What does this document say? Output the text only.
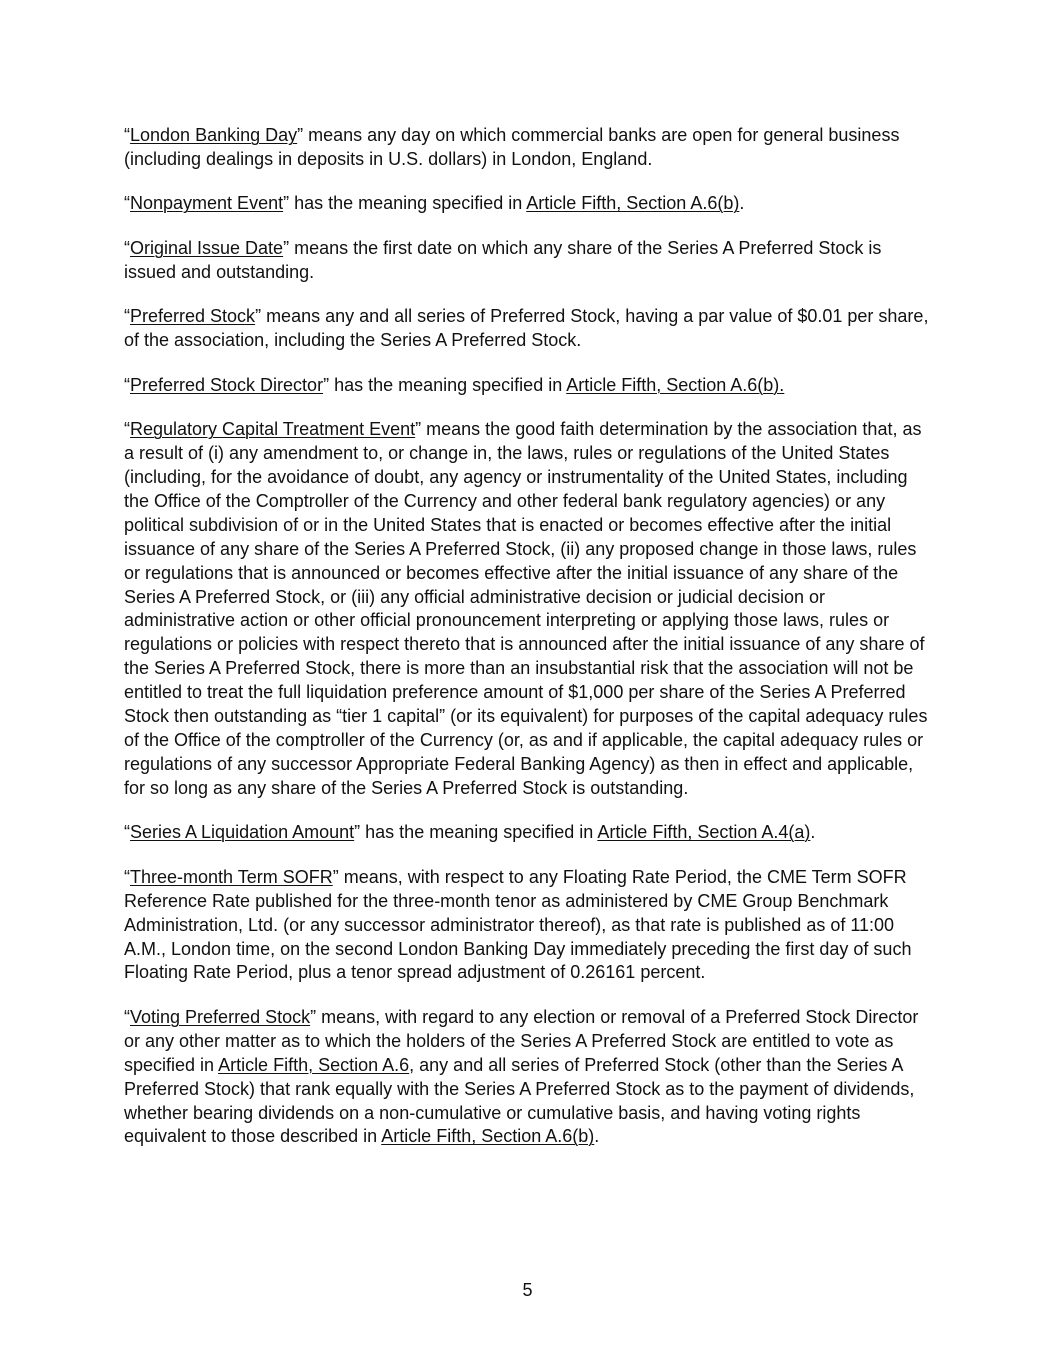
“London Banking Day” means any day on which commercial banks are open for general business (including dealings in deposits in U.S. dollars) in London, England.

“Nonpayment Event” has the meaning specified in Article Fifth, Section A.6(b).

“Original Issue Date” means the first date on which any share of the Series A Preferred Stock is issued and outstanding.

“Preferred Stock” means any and all series of Preferred Stock, having a par value of $0.01 per share, of the association, including the Series A Preferred Stock.

“Preferred Stock Director” has the meaning specified in Article Fifth, Section A.6(b).

“Regulatory Capital Treatment Event” means the good faith determination by the association that, as a result of (i) any amendment to, or change in, the laws, rules or regulations of the United States (including, for the avoidance of doubt, any agency or instrumentality of the United States, including the Office of the Comptroller of the Currency and other federal bank regulatory agencies) or any political subdivision of or in the United States that is enacted or becomes effective after the initial issuance of any share of the Series A Preferred Stock, (ii) any proposed change in those laws, rules or regulations that is announced or becomes effective after the initial issuance of any share of the Series A Preferred Stock, or (iii) any official administrative decision or judicial decision or administrative action or other official pronouncement interpreting or applying those laws, rules or regulations or policies with respect thereto that is announced after the initial issuance of any share of the Series A Preferred Stock, there is more than an insubstantial risk that the association will not be entitled to treat the full liquidation preference amount of $1,000 per share of the Series A Preferred Stock then outstanding as “tier 1 capital” (or its equivalent) for purposes of the capital adequacy rules of the Office of the comptroller of the Currency (or, as and if applicable, the capital adequacy rules or regulations of any successor Appropriate Federal Banking Agency) as then in effect and applicable, for so long as any share of the Series A Preferred Stock is outstanding.

“Series A Liquidation Amount” has the meaning specified in Article Fifth, Section A.4(a).

“Three-month Term SOFR” means, with respect to any Floating Rate Period, the CME Term SOFR Reference Rate published for the three-month tenor as administered by CME Group Benchmark Administration, Ltd. (or any successor administrator thereof), as that rate is published as of 11:00 A.M., London time, on the second London Banking Day immediately preceding the first day of such Floating Rate Period, plus a tenor spread adjustment of 0.26161 percent.

“Voting Preferred Stock” means, with regard to any election or removal of a Preferred Stock Director or any other matter as to which the holders of the Series A Preferred Stock are entitled to vote as specified in Article Fifth, Section A.6, any and all series of Preferred Stock (other than the Series A Preferred Stock) that rank equally with the Series A Preferred Stock as to the payment of dividends, whether bearing dividends on a non-cumulative or cumulative basis, and having voting rights equivalent to those described in Article Fifth, Section A.6(b).

5
